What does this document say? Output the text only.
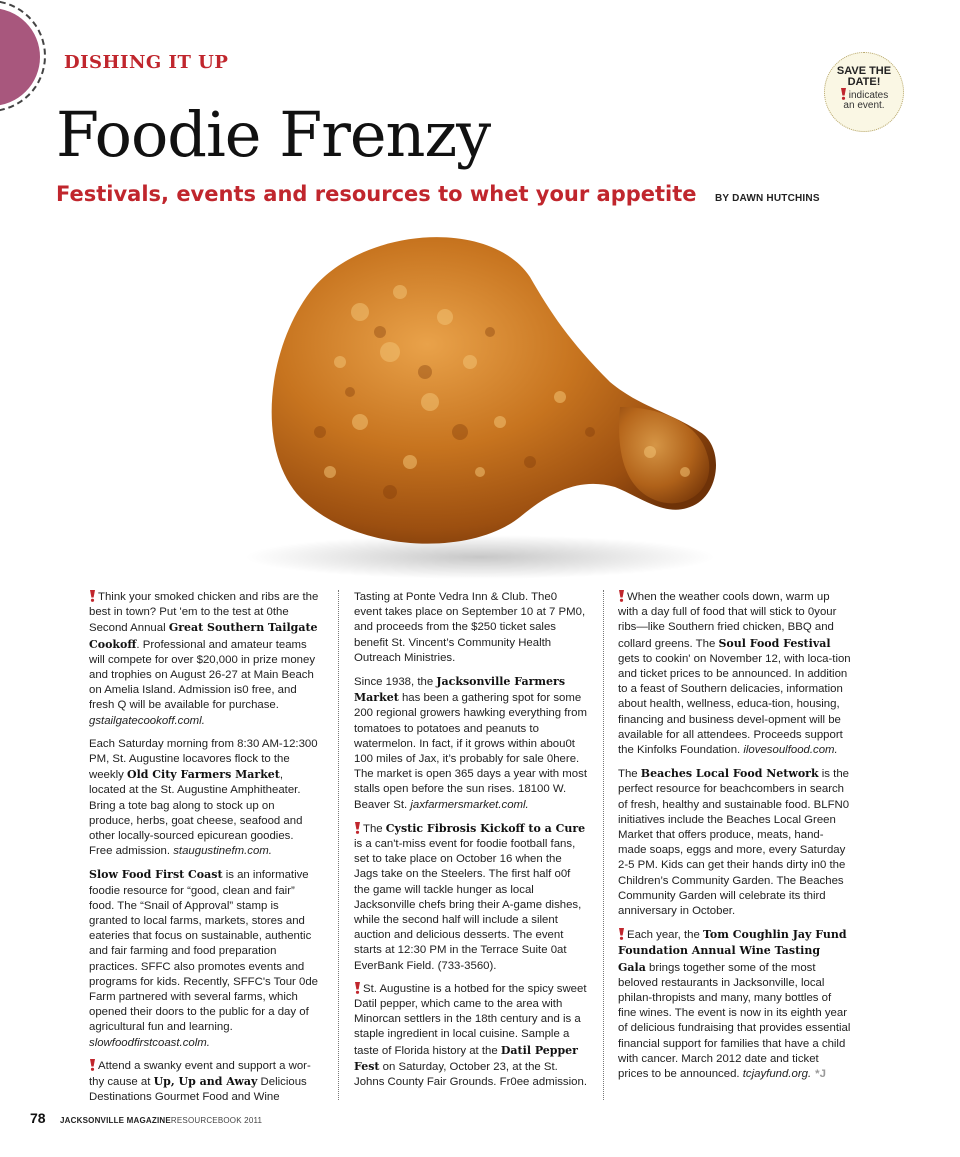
DISHING IT UP	SAVE THE
DATE!
indicates
an event.
Foodie Frenzy
Festivals, events and resources to whet your appetite BY DAWN HUTCHINS

Think your smoked chicken and ribs are the best in town? Put 'em to the test at 0the Second Annual Great Southern Tailgate Cookoff. Professional and amateur teams will compete for over $20,000 in prize money and trophies on August 26-27 at Main Beach on Amelia Island. Admission is0 free, and fresh Q will be available for purchase. gstailgatecookoff.coml.

Each Saturday morning from 8:30 AM-12:300 PM, St. Augustine locavores flock to the weekly Old City Farmers Market, located at the St. Augustine Amphitheater. Bring a tote bag along to stock up on produce, herbs, goat cheese, seafood and other locally-sourced epicurean goodies. Free admission. staugustinefm.com.

Slow Food First Coast is an informative foodie resource for “good, clean and fair” food. The “Snail of Approval” stamp is granted to local farms, markets, stores and eateries that focus on sustainable, authentic and fair farming and food preparation practices. SFFC also promotes events and programs for kids. Recently, SFFC's Tour 0de Farm partnered with several farms, which opened their doors to the public for a day of agricultural fun and learning. slowfoodfirstcoast.colm.

Attend a swanky event and support a wor-thy cause at Up, Up and Away Delicious Destinations Gourmet Food and Wine

Tasting at Ponte Vedra Inn & Club. The0 event takes place on September 10 at 7 PM0, and proceeds from the $250 ticket sales benefit St. Vincent’s Community Health Outreach Ministries.

Since 1938, the Jacksonville Farmers Market has been a gathering spot for some 200 regional growers hawking everything from tomatoes to potatoes and peanuts to watermelon. In fact, if it grows within abou0t 100 miles of Jax, it’s probably for sale 0here. The market is open 365 days a year with most stalls open before the sun rises. 18100 W. Beaver St. jaxfarmersmarket.coml.

The Cystic Fibrosis Kickoff to a Cure is a can't-miss event for foodie football fans, set to take place on October 16 when the Jags take on the Steelers. The first half o0f the game will tackle hunger as local Jacksonville chefs bring their A-game dishes, while the second half will include a silent auction and delicious desserts. The event starts at 12:30 PM in the Terrace Suite 0at EverBank Field. (733-3560).

St. Augustine is a hotbed for the spicy sweet Datil pepper, which came to the area with Minorcan settlers in the 18th century and is a staple ingredient in local cuisine. Sample a taste of Florida history at the Datil Pepper Fest on Saturday, October 23, at the St. Johns County Fair Grounds. Fr0ee admission.

When the weather cools down, warm up with a day full of food that will stick to 0your ribs—like Southern fried chicken, BBQ and collard greens. The Soul Food Festival gets to cookin' on November 12, with loca-tion and ticket prices to be announced. In addition to a feast of Southern delicacies, information about health, wellness, educa-tion, housing, financing and business devel-opment will be available for all attendees. Proceeds support the Kinfolks Foundation. ilovesoulfood.com.

The Beaches Local Food Network is the perfect resource for beachcombers in search of fresh, healthy and sustainable food. BLFN0 initiatives include the Beaches Local Green Market that offers produce, meats, hand-made soaps, eggs and more, every Saturday 2-5 PM. Kids can get their hands dirty in0 the Children’s Community Garden. The Beaches Community Garden will celebrate its third anniversary in October.

Each year, the Tom Coughlin Jay Fund Foundation Annual Wine Tasting Gala brings together some of the most beloved restaurants in Jacksonville, local philan-thropists and many, many bottles of fine wines. The event is now in its eighth year of delicious fundraising that provides essential financial support for families that have a child with cancer. March 2012 date and ticket prices to be announced. tcjayfund.org. *J

78 JACKSONVILLE MAGAZINERESOURCEBOOK 2011
